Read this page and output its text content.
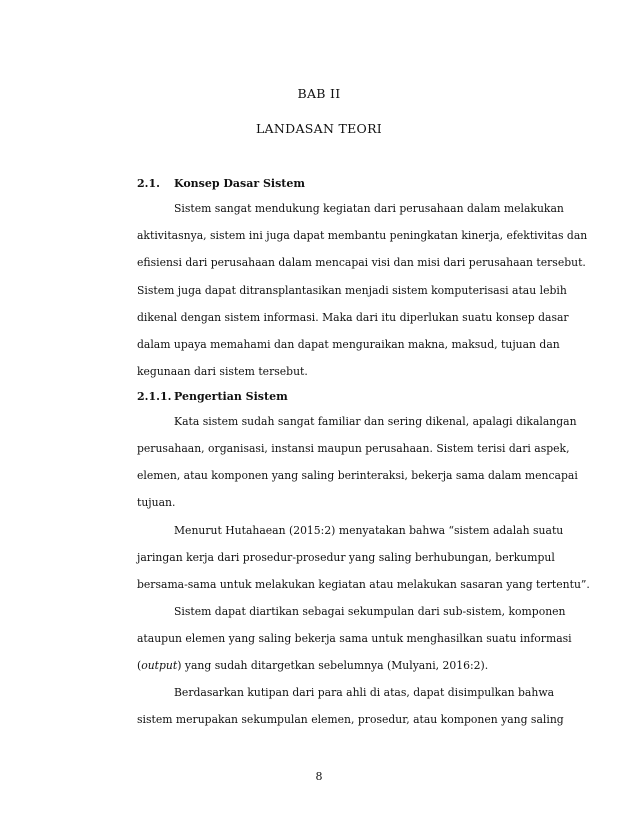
BAB II
LANDASAN TEORI
2.1. Konsep Dasar Sistem
Sistem sangat mendukung kegiatan dari perusahaan dalam melakukan
aktivitasnya, sistem ini juga dapat membantu peningkatan kinerja, efektivitas dan
efisiensi dari perusahaan dalam mencapai visi dan misi dari perusahaan tersebut.
Sistem juga dapat ditransplantasikan menjadi sistem komputerisasi atau lebih
dikenal dengan sistem informasi. Maka dari itu diperlukan suatu konsep dasar
dalam upaya memahami dan dapat menguraikan makna, maksud, tujuan dan
kegunaan dari sistem tersebut.
2.1.1. Pengertian Sistem
Kata sistem sudah sangat familiar dan sering dikenal, apalagi dikalangan
perusahaan, organisasi, instansi maupun perusahaan. Sistem terisi dari aspek,
elemen, atau komponen yang saling berinteraksi, bekerja sama dalam mencapai
tujuan.
Menurut Hutahaean (2015:2) menyatakan bahwa “sistem adalah suatu
jaringan kerja dari prosedur-prosedur yang saling berhubungan, berkumpul
bersama-sama untuk melakukan kegiatan atau melakukan sasaran yang tertentu”.
Sistem dapat diartikan sebagai sekumpulan dari sub-sistem, komponen
ataupun elemen yang saling bekerja sama untuk menghasilkan suatu informasi
(output) yang sudah ditargetkan sebelumnya (Mulyani, 2016:2).
Berdasarkan kutipan dari para ahli di atas, dapat disimpulkan bahwa
sistem merupakan sekumpulan elemen, prosedur, atau komponen yang saling
8
